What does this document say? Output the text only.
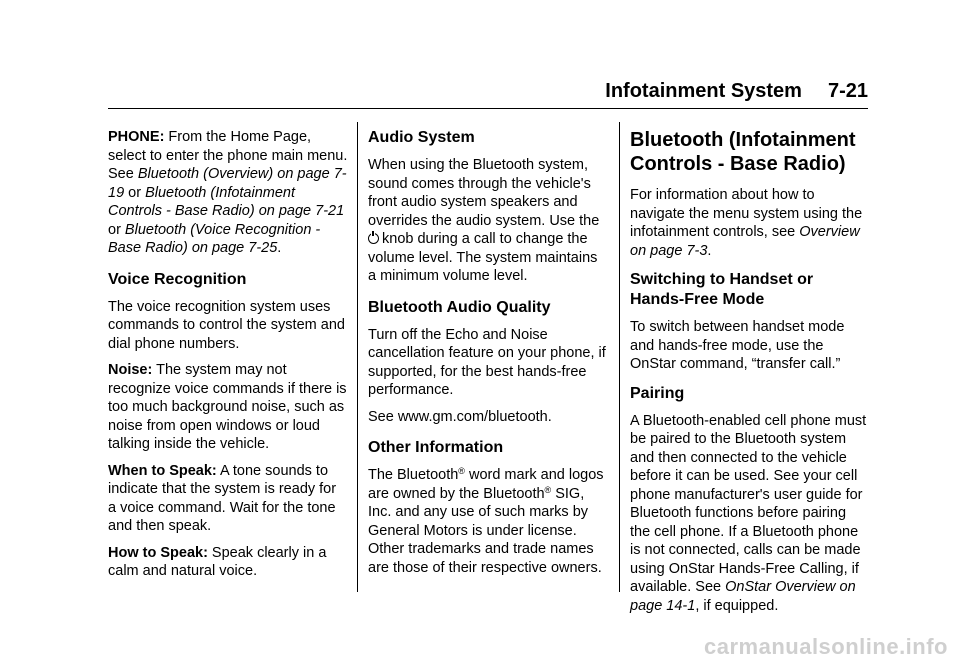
Infotainment System 7-21

PHONE: From the Home Page, select to enter the phone main menu. See Bluetooth (Overview) on page 7-19 or Bluetooth (Infotainment Controls - Base Radio) on page 7-21 or Bluetooth (Voice Recognition - Base Radio) on page 7-25.

Voice Recognition

The voice recognition system uses commands to control the system and dial phone numbers.

Noise: The system may not recognize voice commands if there is too much background noise, such as noise from open windows or loud talking inside the vehicle.

When to Speak: A tone sounds to indicate that the system is ready for a voice command. Wait for the tone and then speak.

How to Speak: Speak clearly in a calm and natural voice.

Audio System

When using the Bluetooth system, sound comes through the vehicle's front audio system speakers and overrides the audio system. Use the knob during a call to change the volume level. The system maintains a minimum volume level.

Bluetooth Audio Quality

Turn off the Echo and Noise cancellation feature on your phone, if supported, for the best hands-free performance.

See www.gm.com/bluetooth.

Other Information

The Bluetooth® word mark and logos are owned by the Bluetooth® SIG, Inc. and any use of such marks by General Motors is under license. Other trademarks and trade names are those of their respective owners.

Bluetooth (Infotainment Controls - Base Radio)

For information about how to navigate the menu system using the infotainment controls, see Overview on page 7-3.

Switching to Handset or Hands-Free Mode

To switch between handset mode and hands-free mode, use the OnStar command, “transfer call.”

Pairing

A Bluetooth-enabled cell phone must be paired to the Bluetooth system and then connected to the vehicle before it can be used. See your cell phone manufacturer's user guide for Bluetooth functions before pairing the cell phone. If a Bluetooth phone is not connected, calls can be made using OnStar Hands-Free Calling, if available. See OnStar Overview on page 14-1, if equipped.

carmanualsonline.info
